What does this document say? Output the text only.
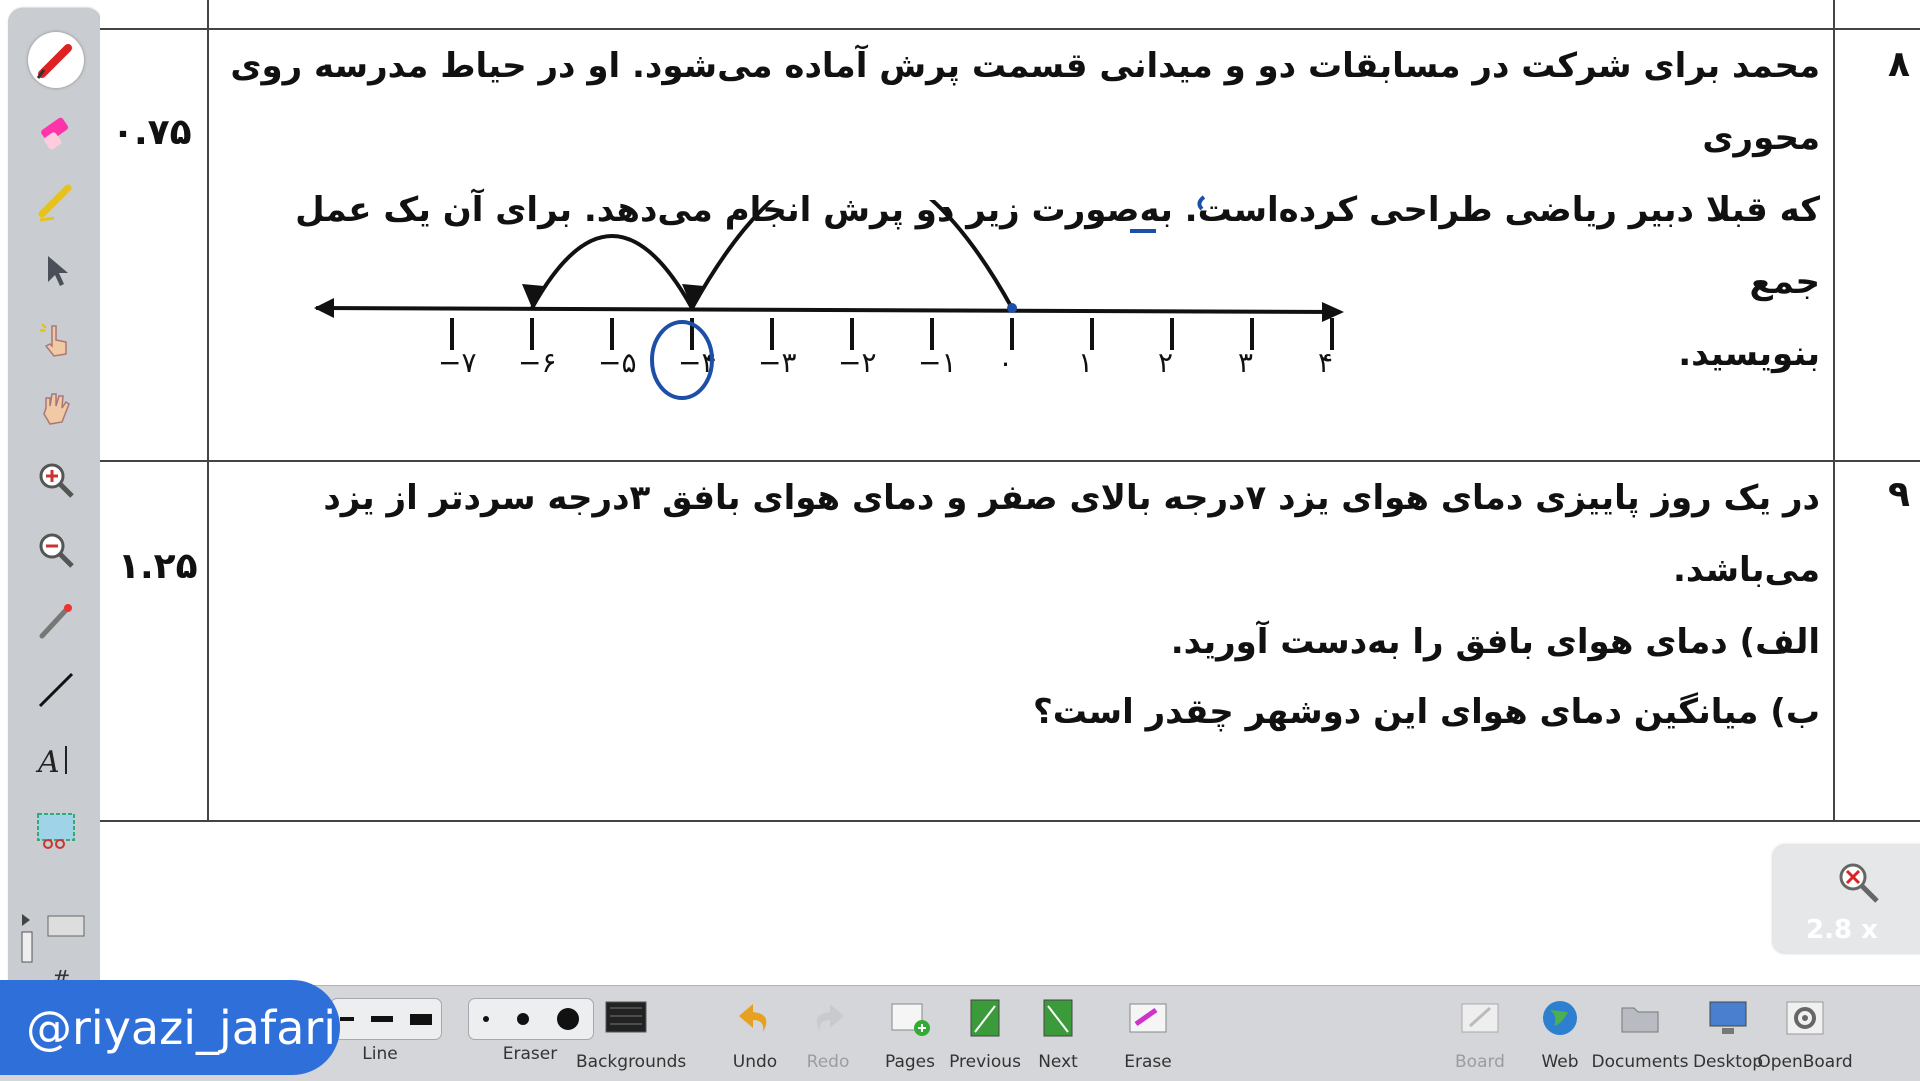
A
۸
۰.۷۵
محمد برای شرکت در مسابقات دو و میدانی قسمت پرش آماده می‌شود. او در حیاط مدرسه روی محوری
که قبلا دبیر ریاضی طراحی کرده‌است. به‌صورت زیر دو پرش انجام می‌دهد. برای آن یک عمل جمع
بنویسید.
−۷ −۶ −۵ −۴ −۳ −۲ −۱ ۰ ۱ ۲ ۳ ۴
۹
۱.۲۵
در یک روز پاییزی دمای هوای یزد ۷درجه بالای صفر و دمای هوای بافق ۳درجه سردتر از یزد می‌باشد.
الف) دمای هوای بافق را به‌دست آورید.
ب) میانگین دمای هوای این دوشهر چقدر است؟
2.8 x
Line	Eraser	Backgrounds	Undo	Redo	Pages Previous	Next	Erase	Board	Web Documents Desktop
OpenBoard
@riyazi_jafari
